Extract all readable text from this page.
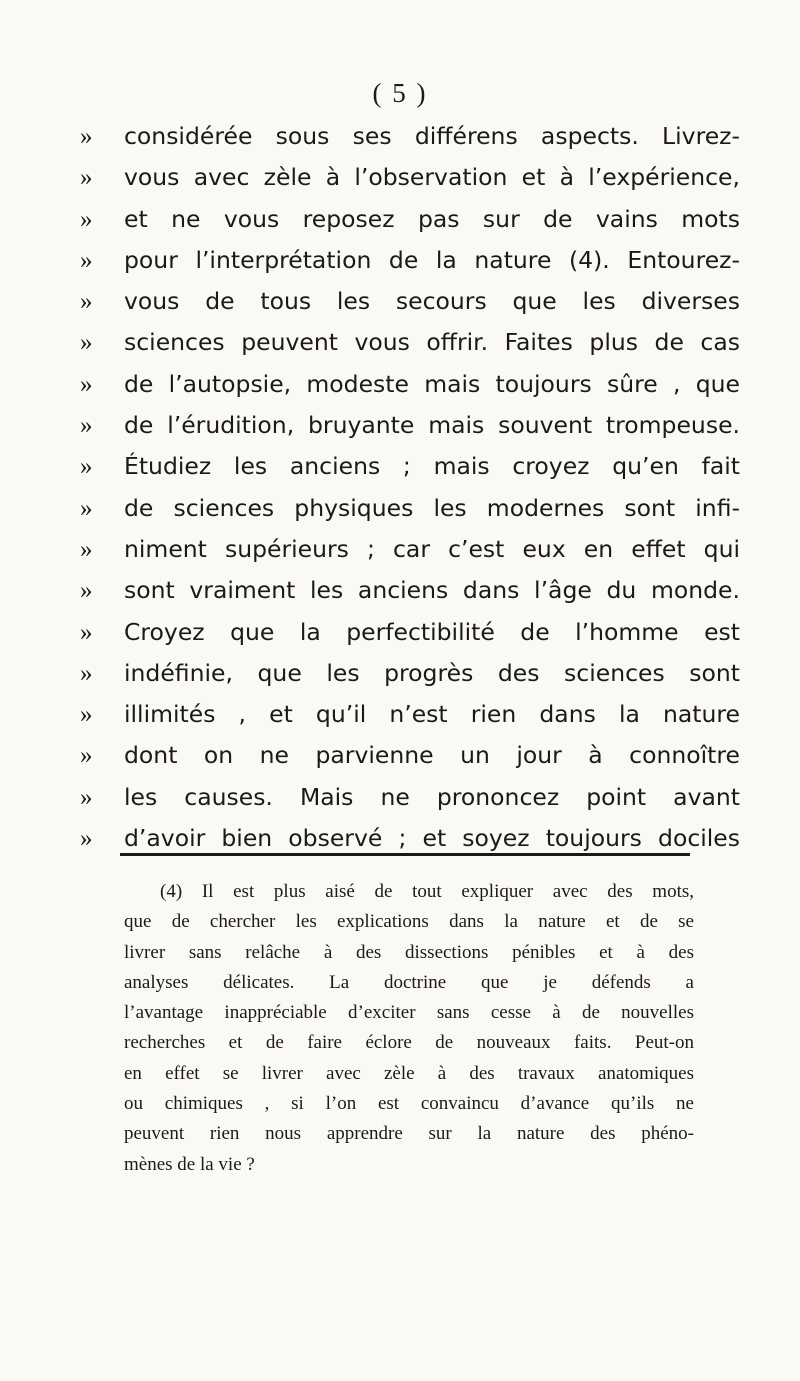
( 5 )
»	considérée sous ses différens aspects. Livrez-
»	vous avec zèle à l’observation et à l’expérience,
»	et ne vous reposez pas sur de vains mots
»	pour l’interprétation de la nature (4). Entourez-
»	vous de tous les secours que les diverses
»	sciences peuvent vous offrir. Faites plus de cas
»	de l’autopsie, modeste mais toujours sûre , que
»	de l’érudition, bruyante mais souvent trompeuse.
»	Étudiez les anciens ; mais croyez qu’en fait
»	de sciences physiques les modernes sont infi-
»	niment supérieurs ; car c’est eux en effet qui
»	sont vraiment les anciens dans l’âge du monde.
»	Croyez que la perfectibilité de l’homme est
»	indéfinie, que les progrès des sciences sont
»	illimités , et qu’il n’est rien dans la nature
»	dont on ne parvienne un jour à connoître
»	les causes. Mais ne prononcez point avant
»	d’avoir bien observé ; et soyez toujours dociles
(4) Il est plus aisé de tout expliquer avec des mots,
que de chercher les explications dans la nature et de se
livrer sans relâche à des dissections pénibles et à des
analyses délicates. La doctrine que je défends a
l’avantage inappréciable d’exciter sans cesse à de nouvelles
recherches et de faire éclore de nouveaux faits. Peut-on
en effet se livrer avec zèle à des travaux anatomiques
ou chimiques , si l’on est convaincu d’avance qu’ils ne
peuvent rien nous apprendre sur la nature des phéno-
mènes de la vie ?
